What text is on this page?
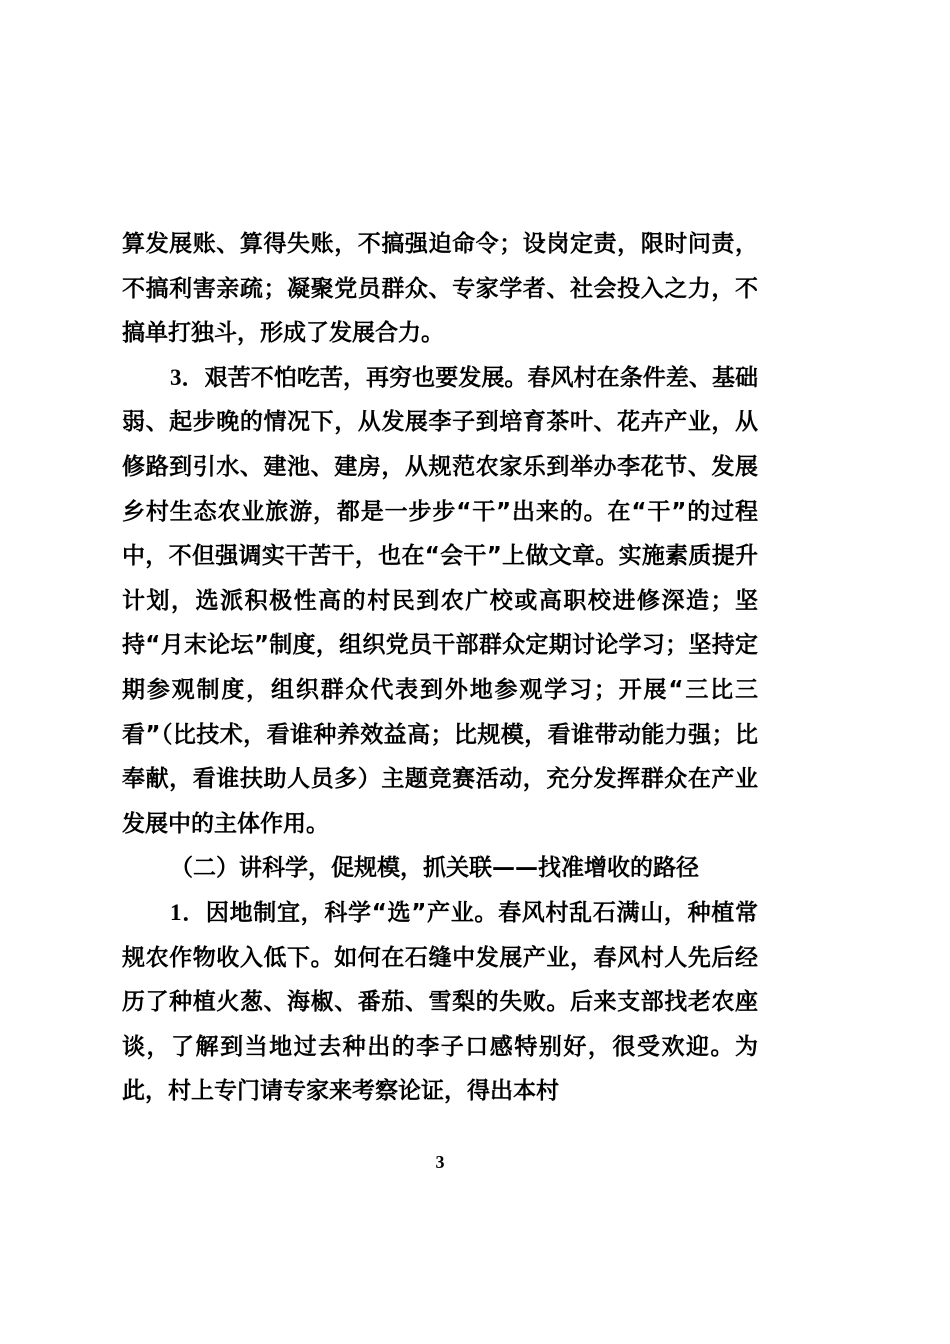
算发展账、算得失账，不搞强迫命令；设岗定责，限时问责，不搞利害亲疏；凝聚党员群众、专家学者、社会投入之力，不搞单打独斗，形成了发展合力。

3．艰苦不怕吃苦，再穷也要发展。春风村在条件差、基础弱、起步晚的情况下，从发展李子到培育茶叶、花卉产业，从修路到引水、建池、建房，从规范农家乐到举办李花节、发展乡村生态农业旅游，都是一步步“干”出来的。在“干”的过程中，不但强调实干苦干，也在“会干”上做文章。实施素质提升计划，选派积极性高的村民到农广校或高职校进修深造；坚持“月末论坛”制度，组织党员干部群众定期讨论学习；坚持定期参观制度，组织群众代表到外地参观学习；开展“三比三看”（比技术，看谁种养效益高；比规模，看谁带动能力强；比奉献，看谁扶助人员多）主题竞赛活动，充分发挥群众在产业发展中的主体作用。

（二）讲科学，促规模，抓关联——找准增收的路径

1．因地制宜，科学“选”产业。春风村乱石满山，种植常规农作物收入低下。如何在石缝中发展产业，春风村人先后经历了种植火葱、海椒、番茄、雪梨的失败。后来支部找老农座谈，了解到当地过去种出的李子口感特别好，很受欢迎。为此，村上专门请专家来考察论证，得出本村

3
